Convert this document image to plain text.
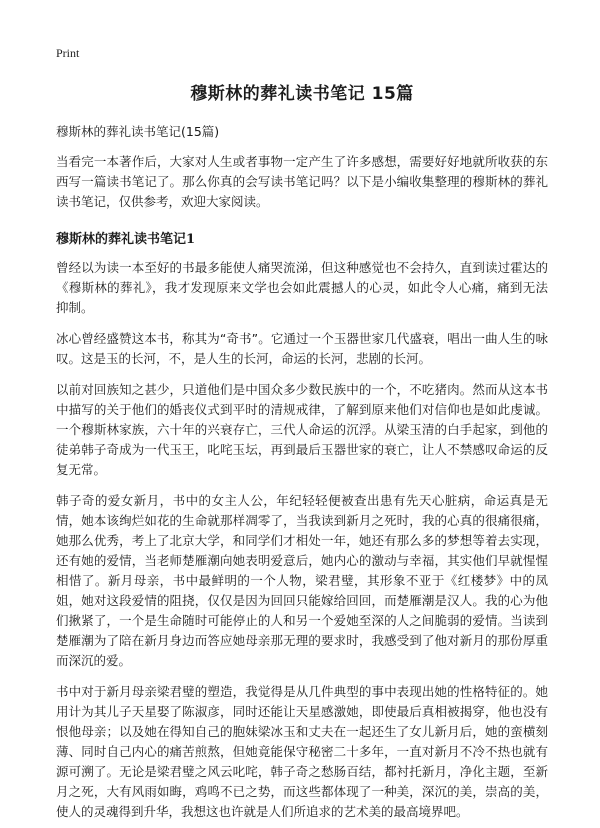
Print
穆斯林的葬礼读书笔记 15篇
穆斯林的葬礼读书笔记(15篇)

当看完一本著作后，大家对人生或者事物一定产生了许多感想，需要好好地就所收获的东西写一篇读书笔记了。那么你真的会写读书笔记吗？以下是小编收集整理的穆斯林的葬礼读书笔记，仅供参考，欢迎大家阅读。

穆斯林的葬礼读书笔记1

曾经以为读一本至好的书最多能使人痛哭流涕，但这种感觉也不会持久，直到读过霍达的《穆斯林的葬礼》，我才发现原来文学也会如此震撼人的心灵，如此令人心痛，痛到无法抑制。

冰心曾经盛赞这本书，称其为“奇书”。它通过一个玉器世家几代盛衰，唱出一曲人生的咏叹。这是玉的长河，不，是人生的长河，命运的长河，悲剧的长河。

以前对回族知之甚少，只道他们是中国众多少数民族中的一个，不吃猪肉。然而从这本书中描写的关于他们的婚丧仪式到平时的清规戒律，了解到原来他们对信仰也是如此虔诚。一个穆斯林家族，六十年的兴衰存亡，三代人命运的沉浮。从梁玉清的白手起家，到他的徒弟韩子奇成为一代玉王，叱咤玉坛，再到最后玉器世家的衰亡，让人不禁感叹命运的反复无常。

韩子奇的爱女新月，书中的女主人公，年纪轻轻便被查出患有先天心脏病，命运真是无情，她本该绚烂如花的生命就那样凋零了，当我读到新月之死时，我的心真的很痛很痛，她那么优秀，考上了北京大学，和同学们才相处一年，她还有那么多的梦想等着去实现，还有她的爱情，当老师楚雁潮向她表明爱意后，她内心的激动与幸福，其实他们早就惺惺相惜了。新月母亲，书中最鲜明的一个人物，梁君璧，其形象不亚于《红楼梦》中的凤姐，她对这段爱情的阻挠，仅仅是因为回回只能嫁给回回，而楚雁潮是汉人。我的心为他们揪紧了，一个是生命随时可能停止的人和另一个爱她至深的人之间脆弱的爱情。当读到楚雁潮为了陪在新月身边而答应她母亲那无理的要求时，我感受到了他对新月的那份厚重而深沉的爱。

书中对于新月母亲梁君璧的塑造，我觉得是从几件典型的事中表现出她的性格特征的。她用计为其儿子天星娶了陈淑彦，同时还能让天星感激她，即使最后真相被揭穿，他也没有恨他母亲；以及她在得知自己的胞妹梁冰玉和丈夫在一起还生了女儿新月后，她的蛮横刻薄、同时自己内心的痛苦煎熬，但她竟能保守秘密二十多年，一直对新月不冷不热也就有源可溯了。无论是梁君璧之风云叱咤，韩子奇之愁肠百结，都衬托新月，净化主题，至新月之死，大有风雨如晦，鸡鸣不已之势，而这些都体现了一种美，深沉的美，崇高的美，使人的灵魂得到升华，我想这也许就是人们所追求的艺术美的最高境界吧。
